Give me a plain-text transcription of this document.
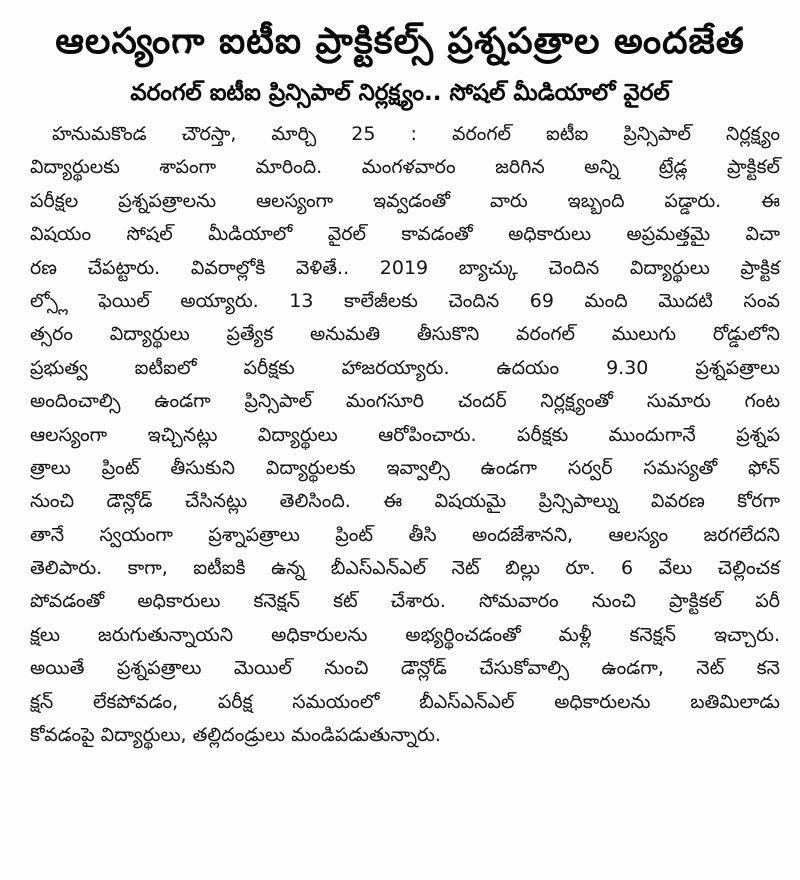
ఆలస్యంగా ఐటీఐ ప్రాక్టికల్స్ ప్రశ్నపత్రాల అందజేత
వరంగల్ ఐటీఐ ప్రిన్సిపాల్ నిర్లక్ష్యం.. సోషల్ మీడియాలో వైరల్
హనుమకొండ చౌరస్తా, మార్చి 25 : వరంగల్ ఐటీఐ ప్రిన్సిపాల్ నిర్లక్ష్యం
విద్యార్థులకు శాపంగా మారింది. మంగళవారం జరిగిన అన్ని ట్రేడ్ల ప్రాక్టికల్
పరీక్షల ప్రశ్నపత్రాలను ఆలస్యంగా ఇవ్వడంతో వారు ఇబ్బంది పడ్డారు. ఈ
విషయం సోషల్ మీడియాలో వైరల్ కావడంతో అధికారులు అప్రమత్తమై విచా
రణ చేపట్టారు. వివరాల్లోకి వెళితే.. 2019 బ్యాచ్కు చెందిన విద్యార్థులు ప్రాక్టిక
ల్స్లో ఫెయిల్ అయ్యారు. 13 కాలేజీలకు చెందిన 69 మంది మొదటి సంవ
త్సరం విద్యార్థులు ప్రత్యేక అనుమతి తీసుకొని వరంగల్ ములుగు రోడ్డులోని
ప్రభుత్వ ఐటీఐలో పరీక్షకు హాజరయ్యారు. ఉదయం 9.30 ప్రశ్నపత్రాలు
అందించాల్సి ఉండగా ప్రిన్సిపాల్ మంగసూరి చందర్ నిర్లక్ష్యంతో సుమారు గంట
ఆలస్యంగా ఇచ్చినట్లు విద్యార్థులు ఆరోపించారు. పరీక్షకు ముందుగానే ప్రశ్నప
త్రాలు ప్రింట్ తీసుకుని విద్యార్థులకు ఇవ్వాల్సి ఉండగా సర్వర్ సమస్యతో ఫోన్
నుంచి డౌన్లోడ్ చేసినట్లు తెలిసింది. ఈ విషయమై ప్రిన్సిపాల్ను వివరణ కోరగా
తానే స్వయంగా ప్రశ్నాపత్రాలు ప్రింట్ తీసి అందజేశానని, ఆలస్యం జరగలేదని
తెలిపారు. కాగా, ఐటీఐకి ఉన్న బీఎస్ఎన్ఎల్ నెట్ బిల్లు రూ. 6 వేలు చెల్లించక
పోవడంతో అధికారులు కనెక్షన్ కట్ చేశారు. సోమవారం నుంచి ప్రాక్టికల్ పరీ
క్షలు జరుగుతున్నాయని అధికారులను అభ్యర్థించడంతో మళ్లీ కనెక్షన్ ఇచ్చారు.
అయితే ప్రశ్నపత్రాలు మెయిల్ నుంచి డౌన్లోడ్ చేసుకోవాల్సి ఉండగా, నెట్ కనె
క్షన్ లేకపోవడం, పరీక్ష సమయంలో బీఎస్ఎన్ఎల్ అధికారులను బతిమిలాడు
కోవడంపై విద్యార్థులు, తల్లిదండ్రులు మండిపడుతున్నారు.
